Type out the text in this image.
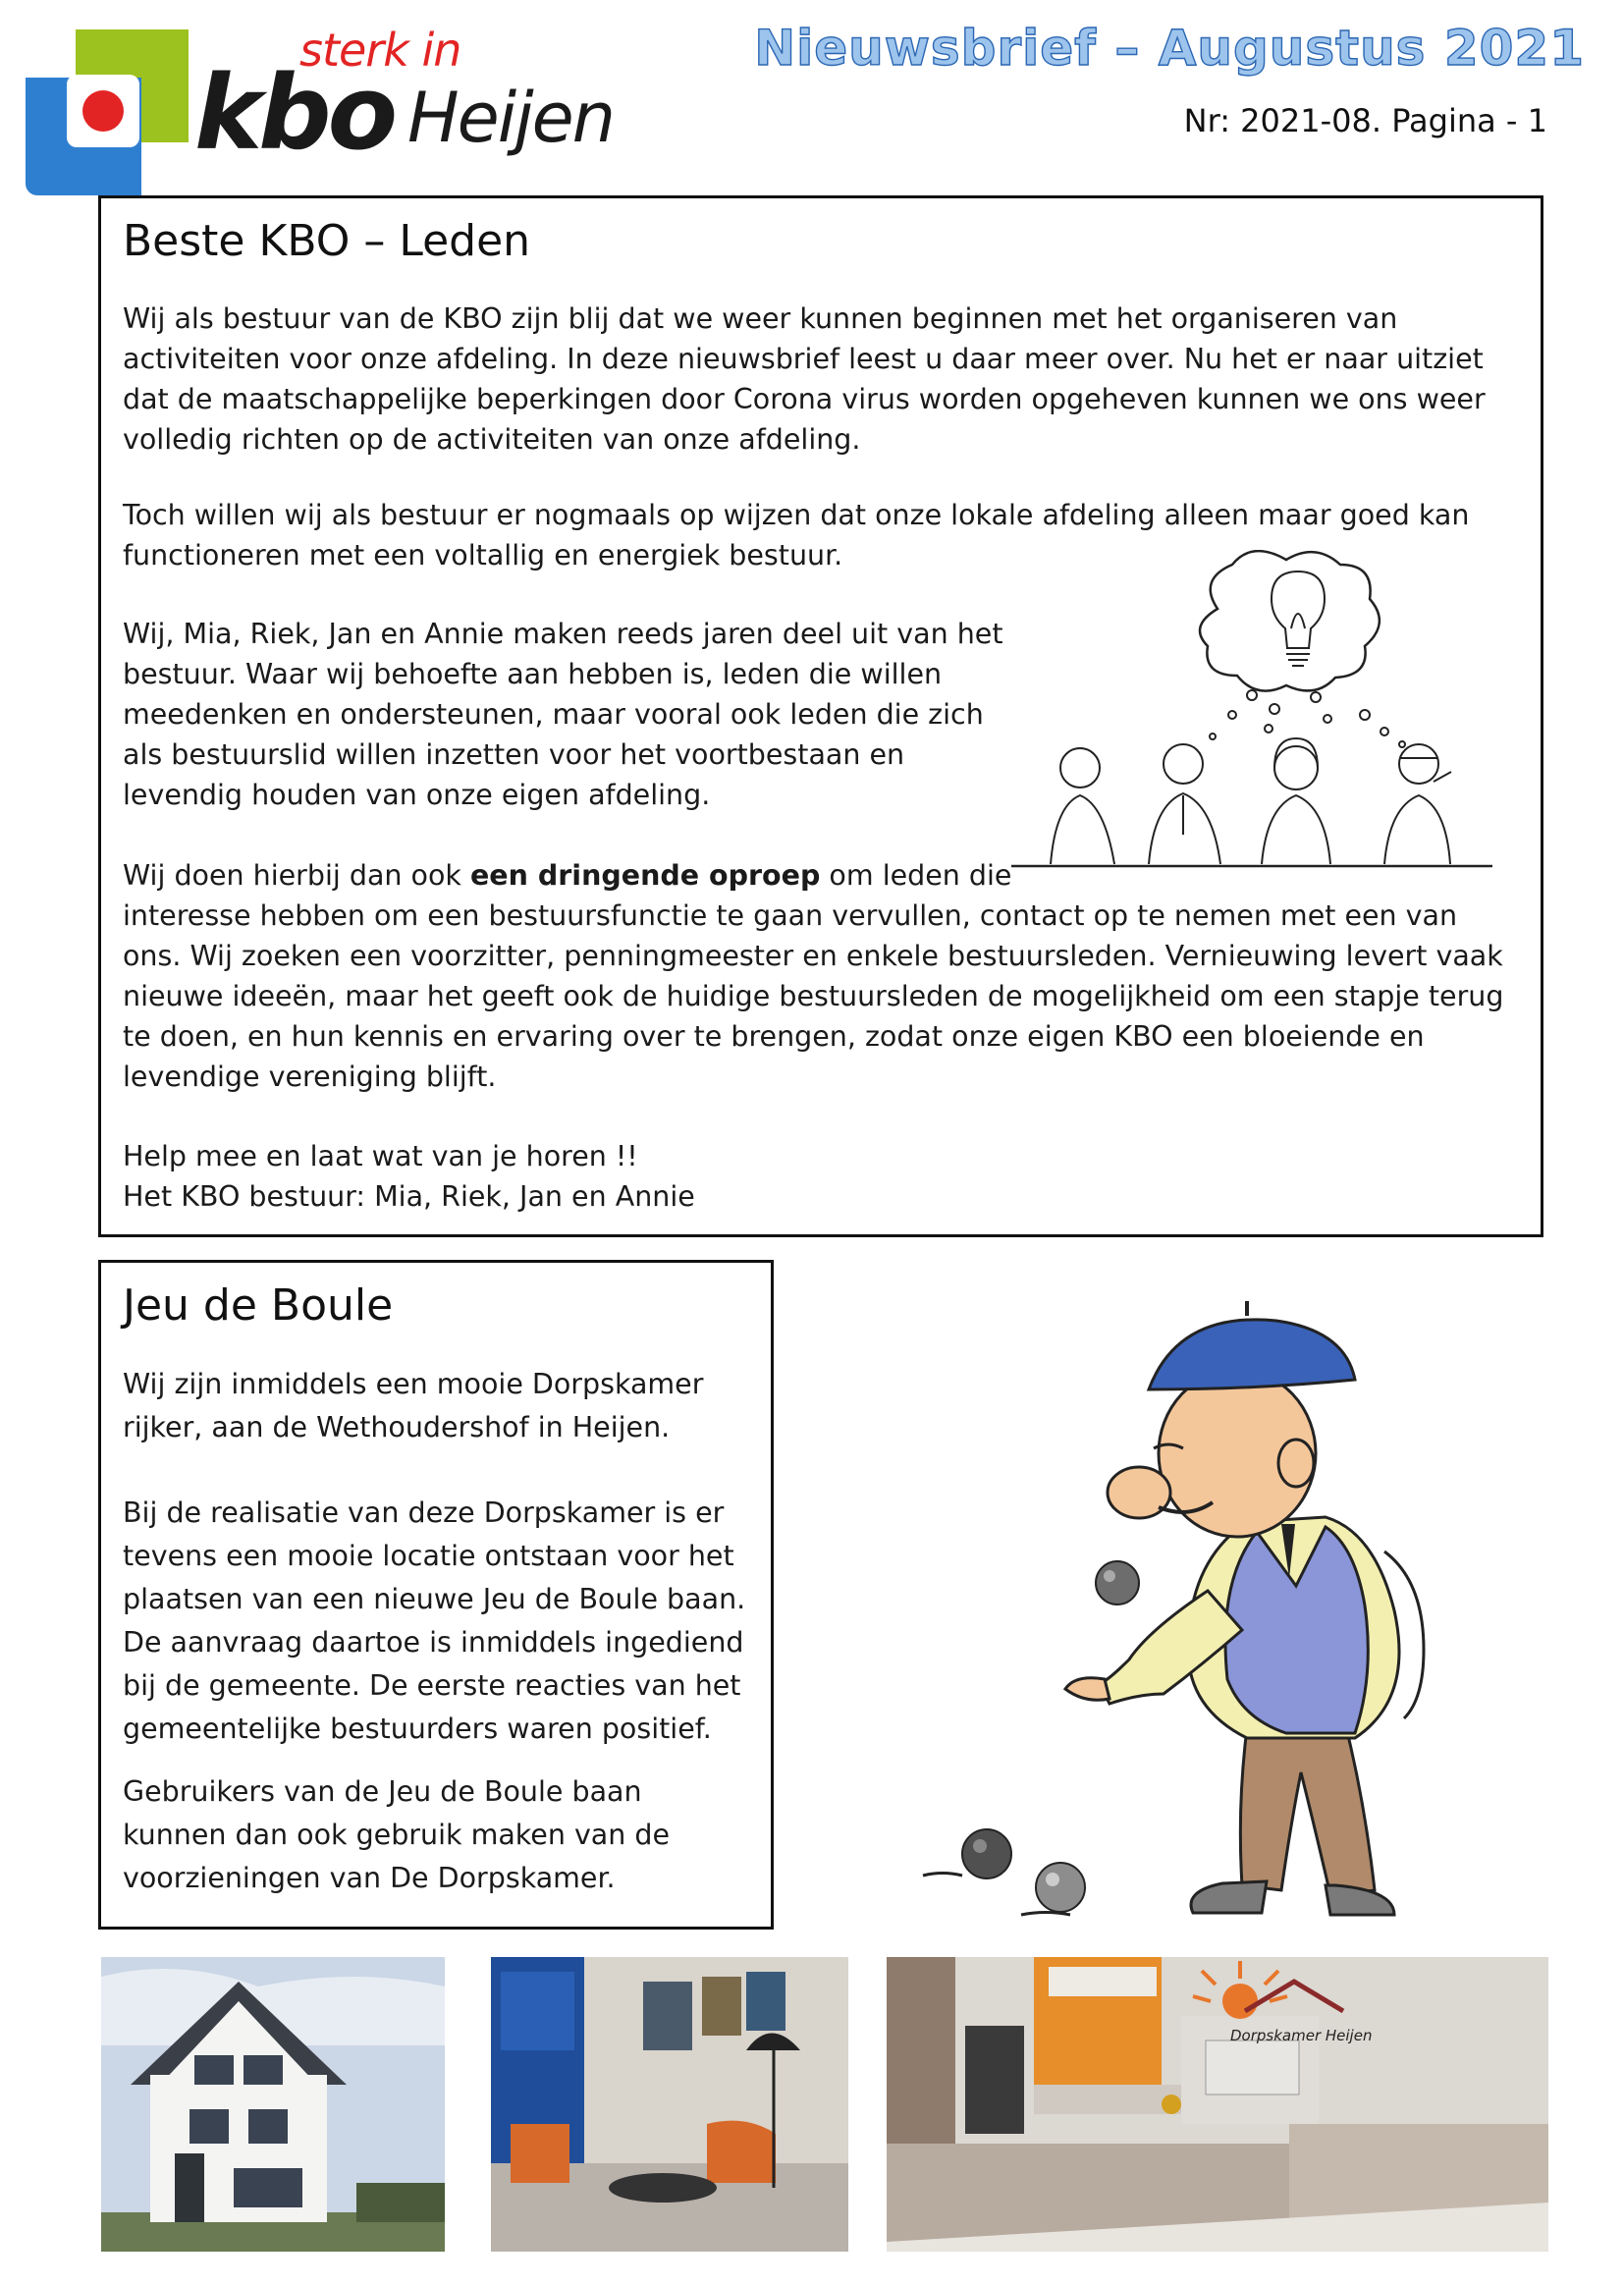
sterk in
kbo Heijen
Nieuwsbrief – Augustus 2021
Nr: 2021-08. Pagina - 1
Beste KBO – Leden

Wij als bestuur van de KBO zijn blij dat we weer kunnen beginnen met het organiseren van activiteiten voor onze afdeling. In deze nieuwsbrief leest u daar meer over. Nu het er naar uitziet dat de maatschappelijke beperkingen door Corona virus worden opgeheven kunnen we ons weer volledig richten op de activiteiten van onze afdeling.

Toch willen wij als bestuur er nogmaals op wijzen dat onze lokale afdeling alleen maar goed kan functioneren met een voltallig en energiek bestuur.

Wij, Mia, Riek, Jan en Annie maken reeds jaren deel uit van het bestuur. Waar wij behoefte aan hebben is, leden die willen meedenken en ondersteunen, maar vooral ook leden die zich als bestuurslid willen inzetten voor het voortbestaan en levendig houden van onze eigen afdeling.

Wij doen hierbij dan ook een dringende oproep om leden die
interesse hebben om een bestuursfunctie te gaan vervullen, contact op te nemen met een van ons. Wij zoeken een voorzitter, penningmeester en enkele bestuursleden. Vernieuwing levert vaak nieuwe ideeën, maar het geeft ook de huidige bestuursleden de mogelijkheid om een stapje terug te doen, en hun kennis en ervaring over te brengen, zodat onze eigen KBO een bloeiende en levendige vereniging blijft.

Help mee en laat wat van je horen !!
Het KBO bestuur: Mia, Riek, Jan en Annie

Jeu de Boule

Wij zijn inmiddels een mooie Dorpskamer rijker, aan de Wethoudershof in Heijen.

Bij de realisatie van deze Dorpskamer is er tevens een mooie locatie ontstaan voor het plaatsen van een nieuwe Jeu de Boule baan. De aanvraag daartoe is inmiddels ingediend bij de gemeente. De eerste reacties van het gemeentelijke bestuurders waren positief.

Gebruikers van de Jeu de Boule baan kunnen dan ook gebruik maken van de voorzieningen van De Dorpskamer.

Dorpskamer Heijen
